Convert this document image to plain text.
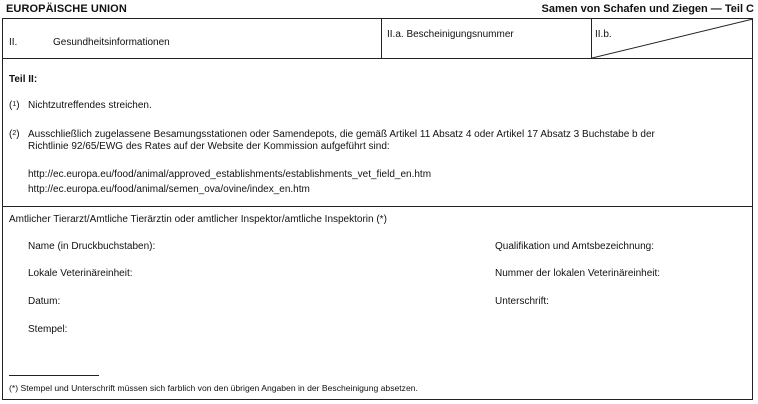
EUROPÄISCHE UNION	Samen von Schafen und Ziegen — Teil C
II.	Gesundheitsinformationen
II.a. Bescheinigungsnummer	II.b.
Teil II:
($^1$) Nichtzutreffendes streichen.
($^2$) Ausschließlich zugelassene Besamungsstationen oder Samendepots, die gemäß Artikel 11 Absatz 4 oder Artikel 17 Absatz 3 Buchstabe b der
Richtlinie 92/65/EWG des Rates auf der Website der Kommission aufgeführt sind:
http://ec.europa.eu/food/animal/approved_establishments/establishments_vet_field_en.htm
http://ec.europa.eu/food/animal/semen_ova/ovine/index_en.htm
Amtlicher Tierarzt/Amtliche Tierärztin oder amtlicher Inspektor/amtliche Inspektorin (*)
Name (in Druckbuchstaben):	Qualifikation und Amtsbezeichnung:
Lokale Veterinäreinheit:	Nummer der lokalen Veterinäreinheit:
Datum:	Unterschrift:
Stempel:
(*) Stempel und Unterschrift müssen sich farblich von den übrigen Angaben in der Bescheinigung absetzen.
